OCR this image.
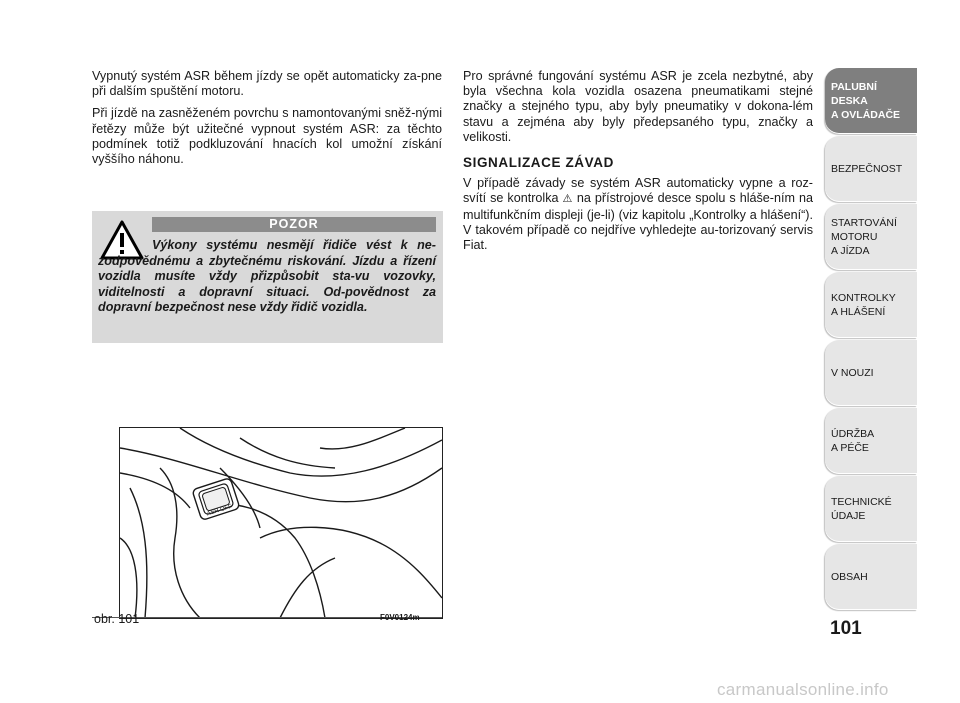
Vypnutý systém ASR během jízdy se opět automaticky za-pne při dalším spuštění motoru.

Při jízdě na zasněženém povrchu s namontovanými sněž-nými řetězy může být užitečné vypnout systém ASR: za těchto podmínek totiž podkluzování hnacích kol umožní získání vyššího náhonu.

POZOR
Výkony systému nesmějí řidiče vést k ne-zodpovědnému a zbytečnému riskování. Jízdu a řízení vozidla musíte vždy přizpůsobit sta-vu vozovky, viditelnosti a dopravní situaci. Od-povědnost za dopravní bezpečnost nese vždy řidič vozidla.
ASR OFF
obr. 101	F0V0124m

Pro správné fungování systému ASR je zcela nezbytné, aby byla všechna kola vozidla osazena pneumatikami stejné značky a stejného typu, aby byly pneumatiky v dokona-lém stavu a zejména aby byly předepsaného typu, značky a velikosti.

SIGNALIZACE ZÁVAD

V případě závady se systém ASR automaticky vypne a roz-svítí se kontrolka ⚠ na přístrojové desce spolu s hláše-ním na multifunkčním displeji (je-li) (viz kapitolu „Kontrolky a hlášení“). V takovém případě co nejdříve vyhledejte au-torizovaný servis Fiat.

PALUBNÍ DESKA
A OVLÁDAČE
BEZPEČNOST
STARTOVÁNÍ
MOTORU
A JÍZDA
KONTROLKY
A HLÁŠENÍ
V NOUZI
ÚDRŽBA
A PÉČE
TECHNICKÉ
ÚDAJE
OBSAH
101
carmanualsonline.info
